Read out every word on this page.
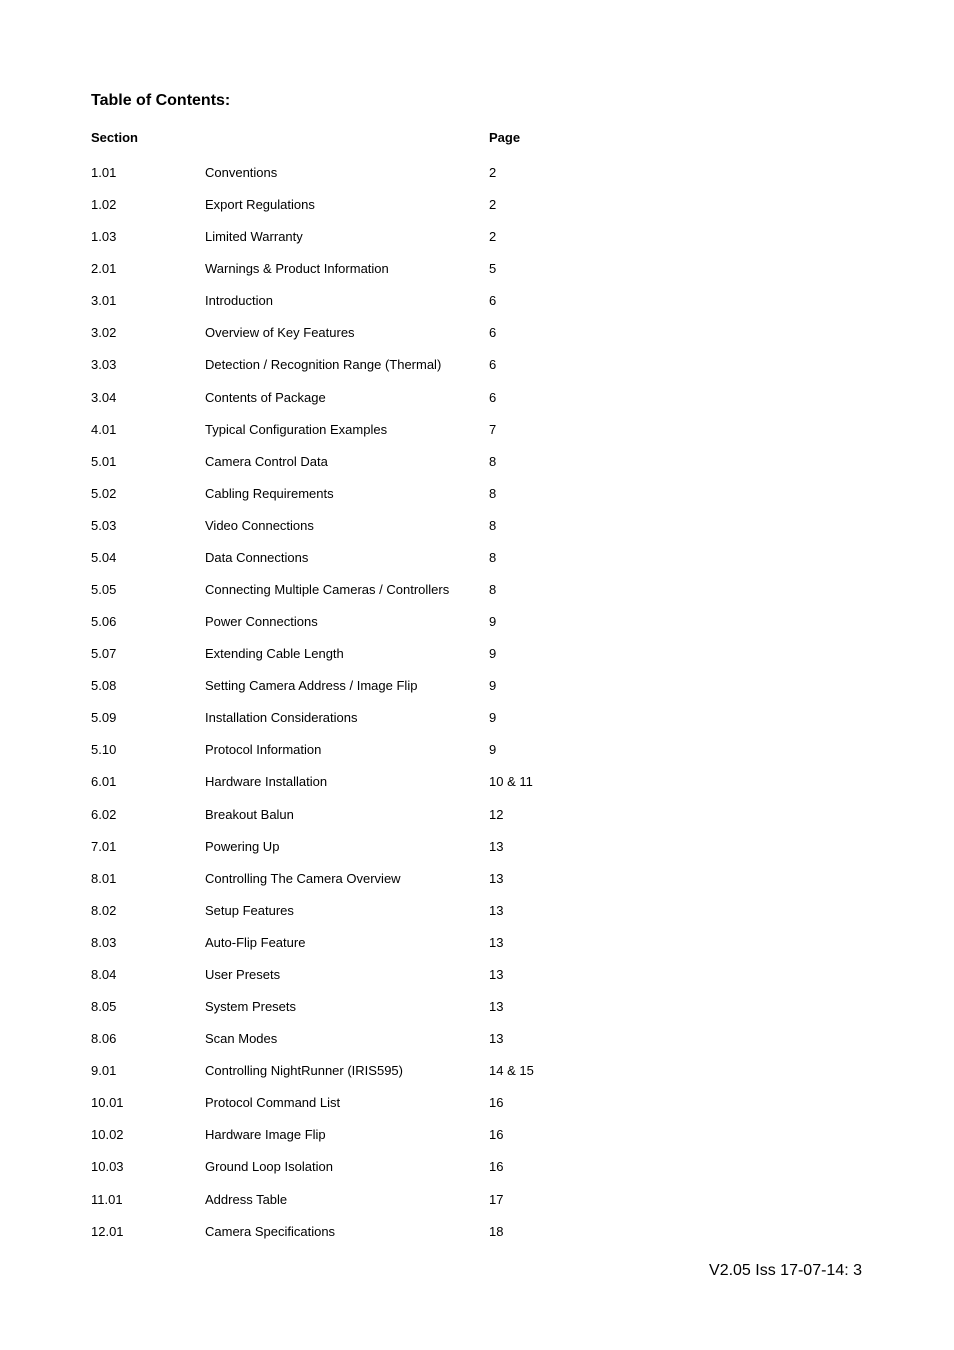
Table of Contents:
Section	Page
1.01	Conventions	2
1.02	Export Regulations	2
1.03	Limited Warranty	2
2.01	Warnings & Product Information	5
3.01	Introduction	6
3.02	Overview of Key Features	6
3.03	Detection / Recognition Range (Thermal)	6
3.04	Contents of Package	6
4.01	Typical Configuration Examples	7
5.01	Camera Control Data	8
5.02	Cabling Requirements	8
5.03	Video Connections	8
5.04	Data Connections	8
5.05	Connecting Multiple Cameras / Controllers	8
5.06	Power Connections	9
5.07	Extending Cable Length	9
5.08	Setting Camera Address / Image Flip	9
5.09	Installation Considerations	9
5.10	Protocol Information	9
6.01	Hardware Installation	10 & 11
6.02	Breakout Balun	12
7.01	Powering Up	13
8.01	Controlling The Camera Overview	13
8.02	Setup Features	13
8.03	Auto-Flip Feature	13
8.04	User Presets	13
8.05	System Presets	13
8.06	Scan Modes	13
9.01	Controlling NightRunner (IRIS595)	14 & 15
10.01	Protocol Command List	16
10.02	Hardware Image Flip	16
10.03	Ground Loop Isolation	16
11.01	Address Table	17
12.01	Camera Specifications	18
V2.05 Iss 17-07-14: 3
